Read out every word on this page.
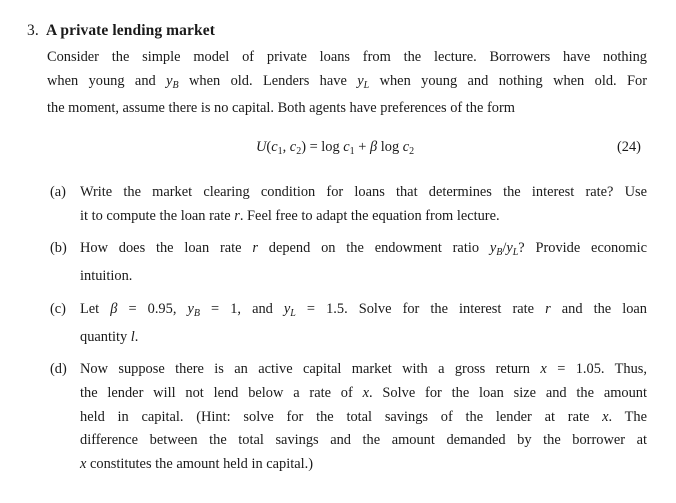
3. A private lending market
Consider the simple model of private loans from the lecture. Borrowers have nothing
when young and $y_B$ when old. Lenders have $y_L$ when young and nothing when old. For
the moment, assume there is no capital. Both agents have preferences of the form
$U(c_1$, $c_2) = \log c_1 + \beta$ $\log c_2$	(24)
(a) Write the market clearing condition for loans that determines the interest rate? Use
it to compute the loan rate r. Feel free to adapt the equation from lecture.
(b) How does the loan rate r depend on the endowment ratio $y_B/y_L$? Provide economic
intuition.
(c) Let β = 0.95, $y_B = 1$, and $y_L = 1.5$. Solve for the interest rate r and the loan
quantity l.
(d) Now suppose there is an active capital market with a gross return x = 1.05. Thus,
the lender will not lend below a rate of x. Solve for the loan size and the amount
held in capital. (Hint: solve for the total savings of the lender at rate x. The
difference between the total savings and the amount demanded by the borrower at
x constitutes the amount held in capital.)
